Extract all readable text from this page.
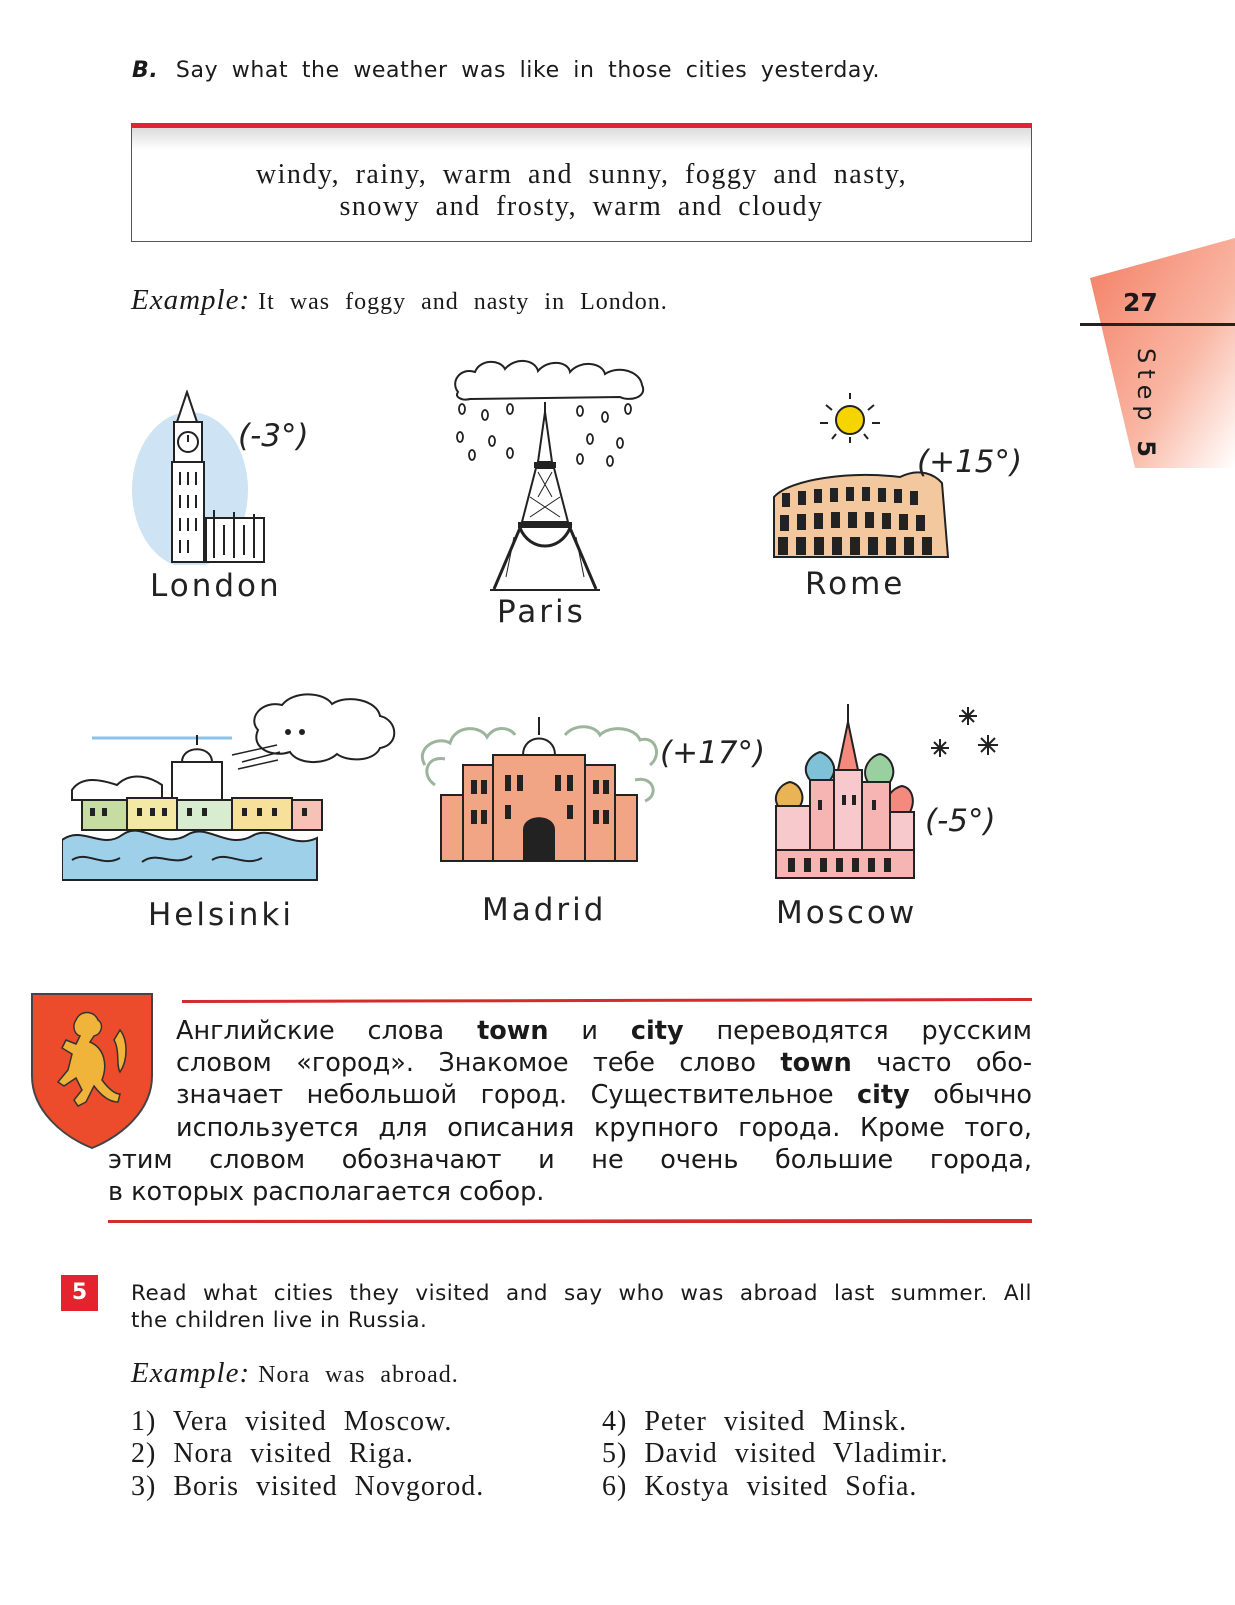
B. Say what the weather was like in those cities yesterday.
windy, rainy, warm and sunny, foggy and nasty,
snowy and frosty, warm and cloudy
Example: It was foggy and nasty in London.	27
Step 5
(-3°)
London
Paris
(+15°)
Rome
Helsinki
(+17°)
Madrid
(-5°)
Moscow
Английские слова town и city переводятся русским
словом «город». Знакомое тебе слово town часто обо-
значает небольшой город. Существительное city обычно
используется для описания крупного города. Кроме того,
этим словом обозначают и не очень большие города,
в которых располагается собор.
5	Read what cities they visited and say who was abroad last summer. All
the children live in Russia.
Example: Nora was abroad.
1) Vera visited Moscow.
2) Nora visited Riga.
3) Boris visited Novgorod.
4) Peter visited Minsk.
5) David visited Vladimir.
6) Kostya visited Sofia.
